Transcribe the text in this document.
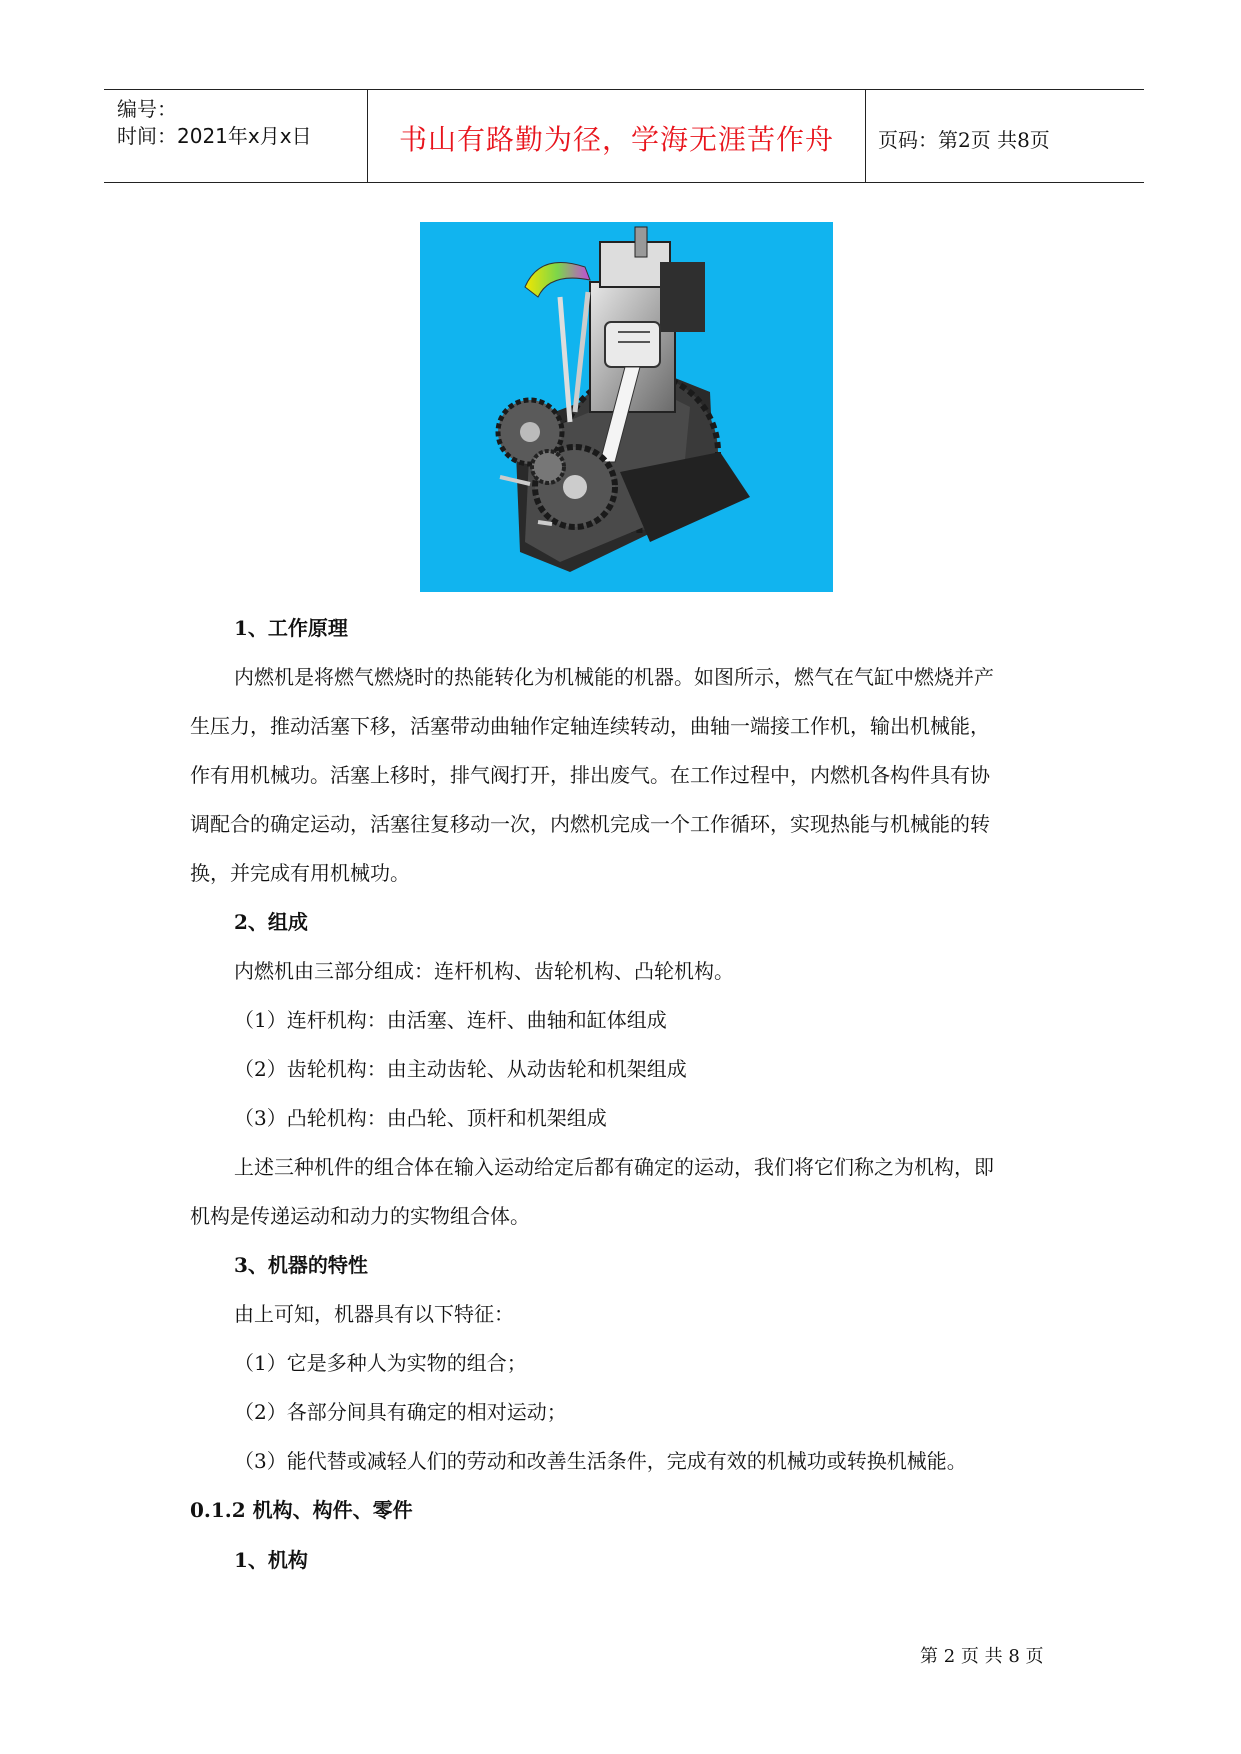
编号：
时间：2021年x月x日	书山有路勤为径，学海无涯苦作舟	页码：第2页 共8页
1、工作原理
内燃机是将燃气燃烧时的热能转化为机械能的机器。如图所示，燃气在气缸中燃烧并产
生压力，推动活塞下移，活塞带动曲轴作定轴连续转动，曲轴一端接工作机，输出机械能，
作有用机械功。活塞上移时，排气阀打开，排出废气。在工作过程中，内燃机各构件具有协
调配合的确定运动，活塞往复移动一次，内燃机完成一个工作循环，实现热能与机械能的转
换，并完成有用机械功。
2、组成
内燃机由三部分组成：连杆机构、齿轮机构、凸轮机构。
（1）连杆机构：由活塞、连杆、曲轴和缸体组成
（2）齿轮机构：由主动齿轮、从动齿轮和机架组成
（3）凸轮机构：由凸轮、顶杆和机架组成
上述三种机件的组合体在输入运动给定后都有确定的运动，我们将它们称之为机构，即
机构是传递运动和动力的实物组合体。
3、机器的特性
由上可知，机器具有以下特征：
（1）它是多种人为实物的组合；
（2）各部分间具有确定的相对运动；
（3）能代替或减轻人们的劳动和改善生活条件，完成有效的机械功或转换机械能。
0.1.2 机构、构件、零件
1、机构
第 2 页 共 8 页
